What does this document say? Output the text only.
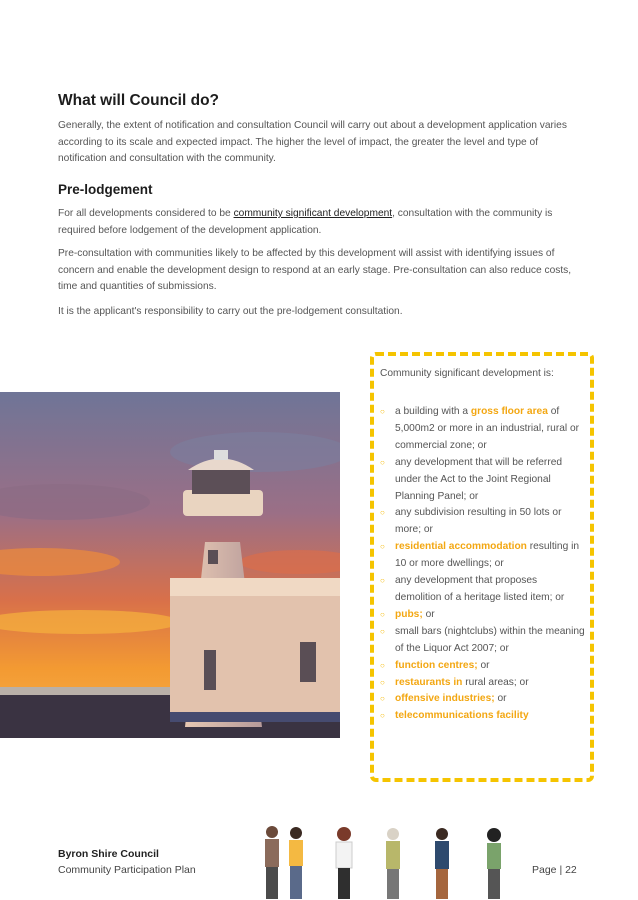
What will Council do?

Generally, the extent of notification and consultation Council will carry out about a development application varies according to its scale and expected impact. The higher the level of impact, the greater the level and type of notification and consultation with the community.

Pre-lodgement

For all developments considered to be community significant development, consultation with the community is required before lodgement of the development application.

Pre-consultation with communities likely to be affected by this development will assist with identifying issues of concern and enable the development design to respond at an early stage. Pre-consultation can also reduce costs, time and quantities of submissions.

It is the applicant's responsibility to carry out the pre-lodgement consultation.

Community significant development is:

○ a building with a gross floor area of 5,000m2 or more in an industrial, rural or commercial zone; or
○ any development that will be referred under the Act to the Joint Regional Planning Panel; or
○ any subdivision resulting in 50 lots or more; or
○ residential accommodation resulting in 10 or more dwellings; or
○ any development that proposes demolition of a heritage listed item; or
○ pubs; or
○ small bars (nightclubs) within the meaning of the Liquor Act 2007; or
○ function centres; or
○ restaurants in rural areas; or
○ offensive industries; or
○ telecommunications facility

Byron Shire Council

Community Participation Plan	Page | 22
